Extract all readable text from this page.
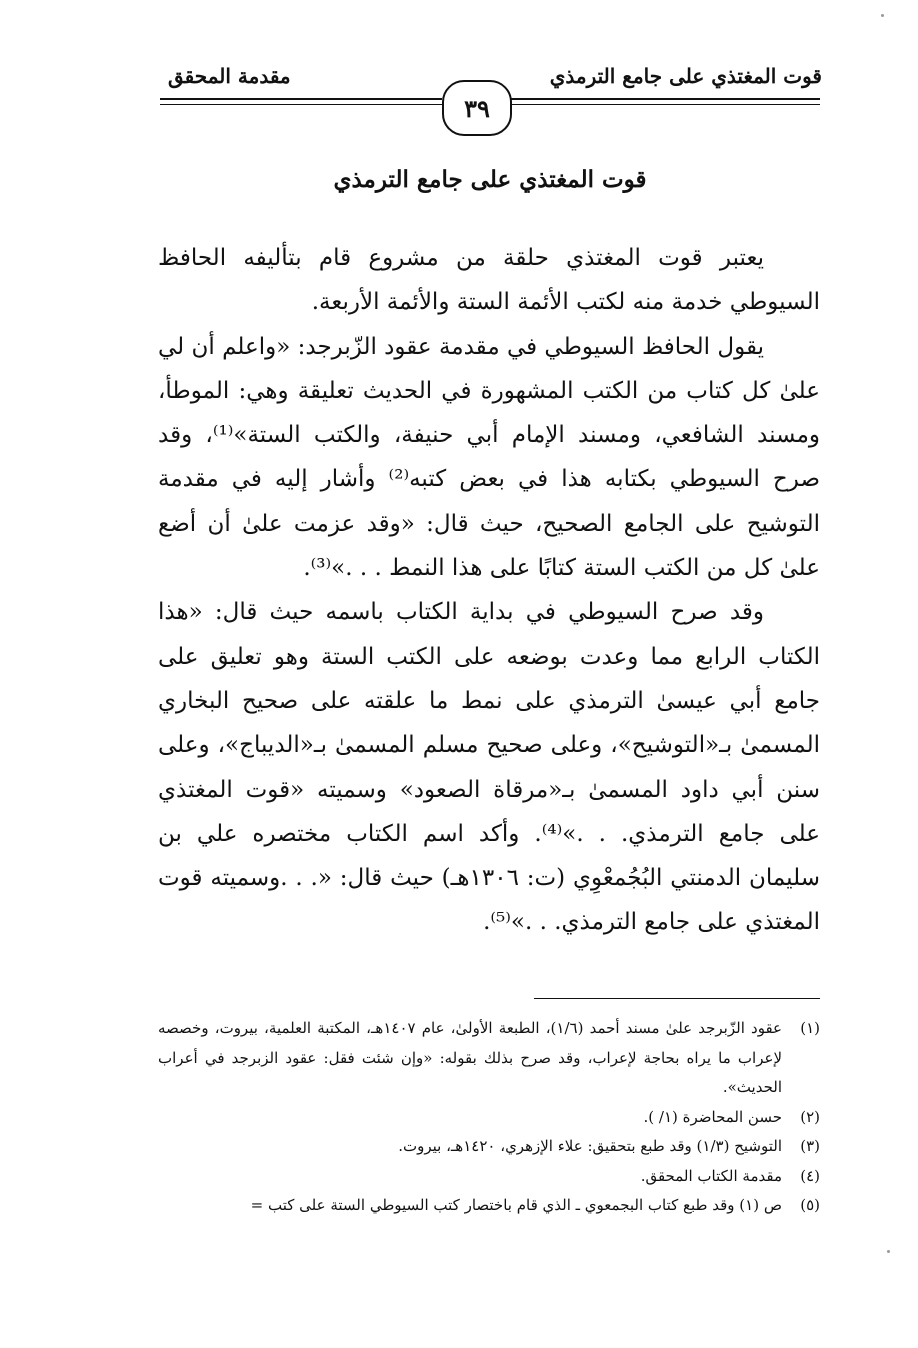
قوت المغتذي على جامع الترمذي
مقدمة المحقق
٣٩
قوت المغتذي على جامع الترمذي

يعتبر قوت المغتذي حلقة من مشروع قام بتأليفه الحافظ السيوطي خدمة منه لكتب الأئمة الستة والأئمة الأربعة.

يقول الحافظ السيوطي في مقدمة عقود الزّبرجد: «واعلم أن لي علىٰ كل كتاب من الكتب المشهورة في الحديث تعليقة وهي: الموطأ، ومسند الشافعي، ومسند الإمام أبي حنيفة، والكتب الستة»⁽¹⁾، وقد صرح السيوطي بكتابه هذا في بعض كتبه⁽²⁾ وأشار إليه في مقدمة التوشيح على الجامع الصحيح، حيث قال: «وقد عزمت علىٰ أن أضع علىٰ كل من الكتب الستة كتابًا على هذا النمط . . .»⁽³⁾.

وقد صرح السيوطي في بداية الكتاب باسمه حيث قال: «هذا الكتاب الرابع مما وعدت بوضعه على الكتب الستة وهو تعليق على جامع أبي عيسىٰ الترمذي على نمط ما علقته على صحيح البخاري المسمىٰ بـ«التوشيح»، وعلى صحيح مسلم المسمىٰ بـ«الديباج»، وعلى سنن أبي داود المسمىٰ بـ«مرقاة الصعود» وسميته «قوت المغتذي على جامع الترمذي. . .»⁽⁴⁾. وأكد اسم الكتاب مختصره علي بن سليمان الدمنتي البُجُمعْوِي (ت: ١٣٠٦هـ) حيث قال: «. . .وسميته قوت المغتذي على جامع الترمذي. . .»⁽⁵⁾.

(١)
عقود الزّبرجد علىٰ مسند أحمد (١/٦)، الطبعة الأولىٰ، عام ١٤٠٧هـ، المكتبة العلمية، بيروت، وخصصه لإعراب ما يراه بحاجة لإعراب، وقد صرح بذلك بقوله: «وإن شئت فقل: عقود الزبرجد في أعراب الحديث».
(٢)
حسن المحاضرة (١/ ).
(٣)
التوشيح (١/٣) وقد طبع بتحقيق: علاء الإزهري، ١٤٢٠هـ، بيروت.
(٤)
مقدمة الكتاب المحقق.
(٥)
ص (١) وقد طبع كتاب البجمعوي ـ الذي قام باختصار كتب السيوطي الستة على كتب =
